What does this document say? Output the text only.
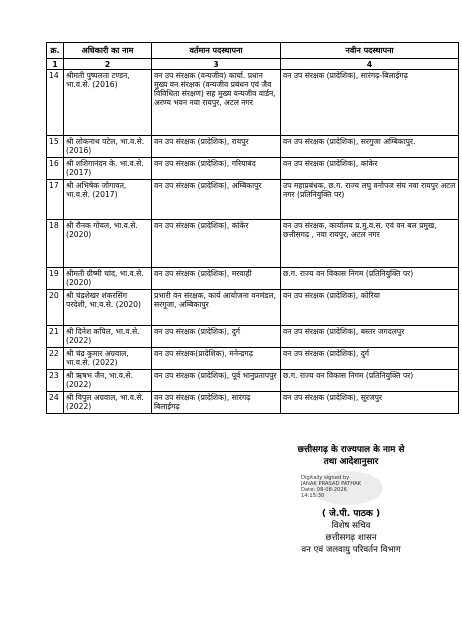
क्र.	अधिकारी का नाम	वर्तमान पदस्थापना	नवीन पदस्थापना
1	2	3	4
14	श्रीमती पुष्पलता टण्डन, भा.व.से. (2016)	वन उप संरक्षक (वन्यजीव) कार्या. प्रधान मुख्य वन संरक्षक (वन्यजीव प्रबंधन एवं जैव विविधिता संरक्षण) सह मुख्य वन्यजीव वार्डन, अरण्य भवन नवा रायपुर, अटल नगर	वन उप संरक्षक (प्रादेशिक), सारंगढ़-बिलाईगढ़
15	श्री लोकनाथ पटेल, भा.व.से. (2016)	वन उप संरक्षक (प्रादेशिक), रायपुर	वन उप संरक्षक (प्रादेशिक), सरगुजा अम्बिकापुर.
16	श्री शशिगानंदन के. भा.व.से. (2017)	वन उप संरक्षक (प्रादेशिक), गरियाबंद	वन उप संरक्षक (प्रादेशिक), कांकेर
17	श्री अभिषेक जोगावत, भा.व.से. (2017)	वन उप संरक्षक (प्रादेशिक), अम्बिकापुर	उप महाप्रबंधक, छ.ग. राज्य लघु वनोपज संघ नवा रायपुर अटल नगर (प्रतिनियुक्ति पर)
18	श्री रौनक गोयल, भा.व.से. (2020)	वन उप संरक्षक (प्रादेशिक), कांकेर	वन उप संरक्षक, कार्यालय प्र.मु.व.स. एवं वन बल प्रमुख, छत्तीसगढ़ , नवा रायपुर, अटल नगर
19	श्रीमती ग्रीष्मी चांद, भा.व.से. (2020)	वन उप संरक्षक (प्रादेशिक), मरवाही	छ.ग. राज्य वन विकास निगम (प्रतिनियुक्ति पर)
20	श्री चंद्रशेखर शंकरसिंग परदेशी, भा.व.से. (2020)	प्रभारी वन संरक्षक, कार्य आयोजना वनमंडल, सरगुजा, अम्बिकापुर	वन उप संरक्षक (प्रादेशिक), कोरिया
21	श्री दिनेश कपिल, भा.व.से. (2022)	वन उप संरक्षक (प्रादेशिक), दुर्ग	वन उप संरक्षक (प्रादेशिक), बस्तर जगदलपुर
22	श्री चंद्र कुमार अग्रवाल, भा.व.से. (2022)	वन उप संरक्षक(प्रादेशिक), मनेन्द्रगढ़	वन उप संरक्षक (प्रादेशिक), दुर्ग
23	श्री ऋषभ जैन, भा.व.से. (2022)	वन उप संरक्षक (प्रादेशिक), पूर्व भानुप्रतापपुर	छ.ग. राज्य वन विकास निगम (प्रतिनियुक्ति पर)
24	श्री विपुल अग्रवाल, भा.व.से. (2022)	वन उप संरक्षक (प्रादेशिक), सारंगढ़ बिलाईगढ़	वन उप संरक्षक (प्रादेशिक), सूरजपुर
छत्तीसगढ़ के राज्यपाल के नाम से
तथा आदेशानुसार
Digitally signed by
JANAK PRASAD PATHAK
Date: 08-08-2026
14:15:30
( जे.पी. पाठक )
विशेष सचिव
छत्तीसगढ़ शासन
वन एवं जलवायु परिवर्तन विभाग
